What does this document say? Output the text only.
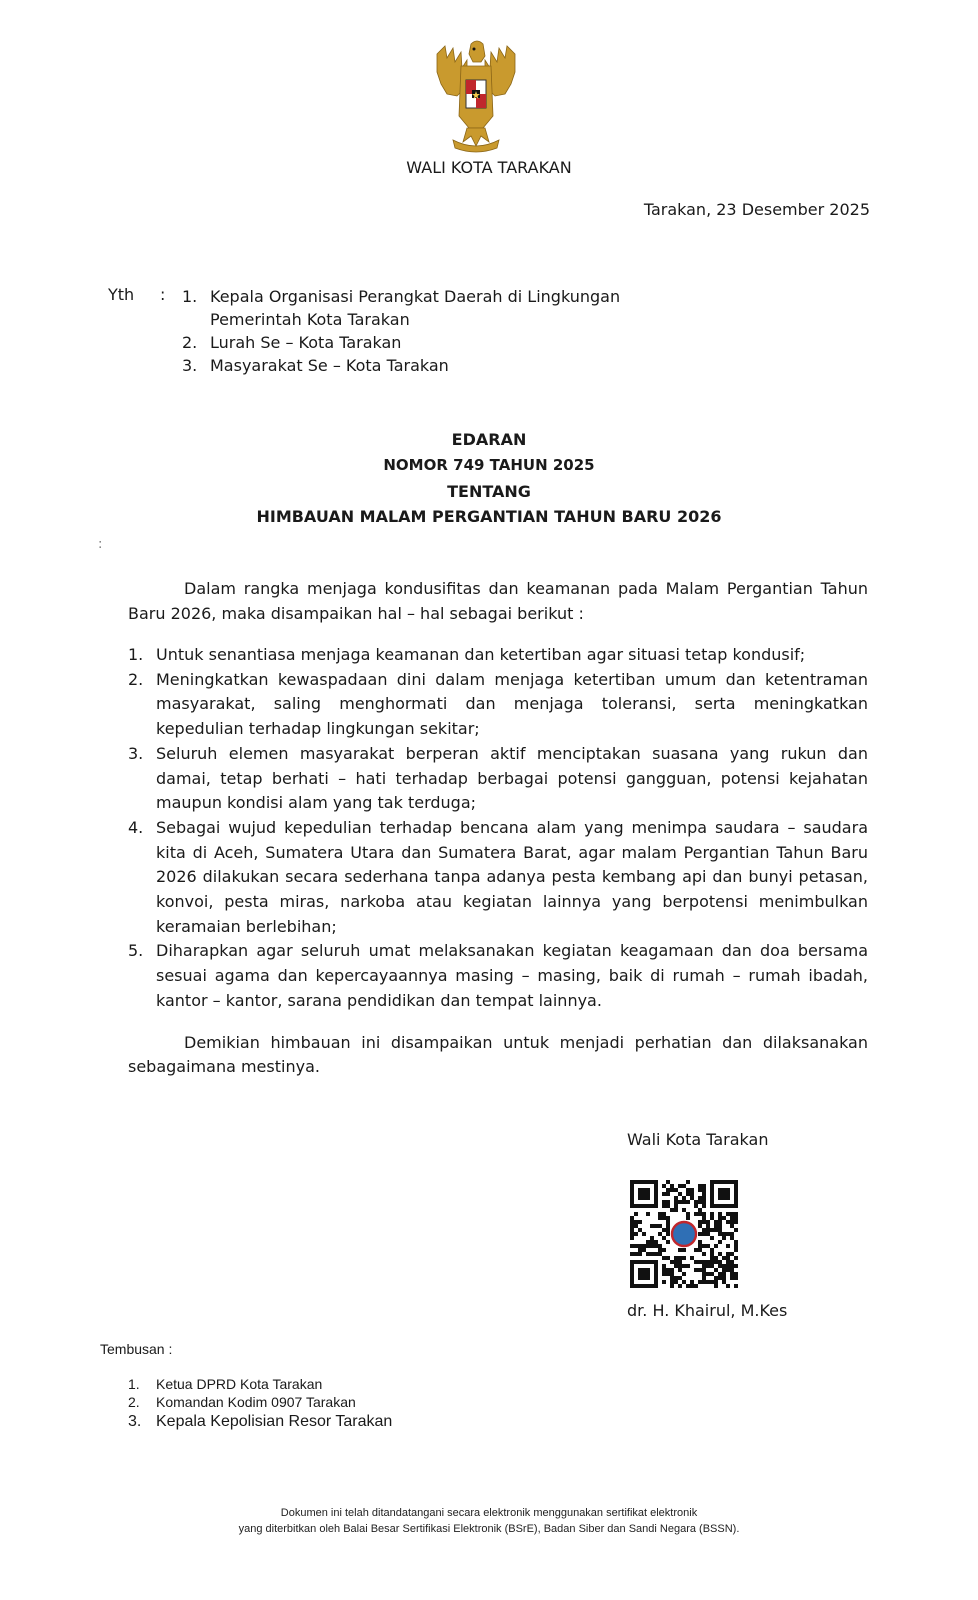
WALI KOTA TARAKAN
Tarakan, 23 Desember 2025
Yth : 1. Kepala Organisasi Perangkat Daerah di Lingkungan Pemerintah Kota Tarakan
2. Lurah Se – Kota Tarakan
3. Masyarakat Se – Kota Tarakan
EDARAN
NOMOR 749 TAHUN 2025
TENTANG
HIMBAUAN MALAM PERGANTIAN TAHUN BARU 2026
:

Dalam rangka menjaga kondusifitas dan keamanan pada Malam Pergantian Tahun Baru 2026, maka disampaikan hal – hal sebagai berikut :

1. Untuk senantiasa menjaga keamanan dan ketertiban agar situasi tetap kondusif;
2. Meningkatkan kewaspadaan dini dalam menjaga ketertiban umum dan ketentraman masyarakat, saling menghormati dan menjaga toleransi, serta meningkatkan kepedulian terhadap lingkungan sekitar;
3. Seluruh elemen masyarakat berperan aktif menciptakan suasana yang rukun dan damai, tetap berhati – hati terhadap berbagai potensi gangguan, potensi kejahatan maupun kondisi alam yang tak terduga;
4. Sebagai wujud kepedulian terhadap bencana alam yang menimpa saudara – saudara kita di Aceh, Sumatera Utara dan Sumatera Barat, agar malam Pergantian Tahun Baru 2026 dilakukan secara sederhana tanpa adanya pesta kembang api dan bunyi petasan, konvoi, pesta miras, narkoba atau kegiatan lainnya yang berpotensi menimbulkan keramaian berlebihan;
5. Diharapkan agar seluruh umat melaksanakan kegiatan keagamaan dan doa bersama sesuai agama dan kepercayaannya masing – masing, baik di rumah – rumah ibadah, kantor – kantor, sarana pendidikan dan tempat lainnya.

Demikian himbauan ini disampaikan untuk menjadi perhatian dan dilaksanakan sebagaimana mestinya.

Wali Kota Tarakan
dr. H. Khairul, M.Kes
Tembusan :
1.	Ketua DPRD Kota Tarakan
2.	Komandan Kodim 0907 Tarakan
3. Kepala Kepolisian Resor Tarakan
Dokumen ini telah ditandatangani secara elektronik menggunakan sertifikat elektronik
yang diterbitkan oleh Balai Besar Sertifikasi Elektronik (BSrE), Badan Siber dan Sandi Negara (BSSN).
